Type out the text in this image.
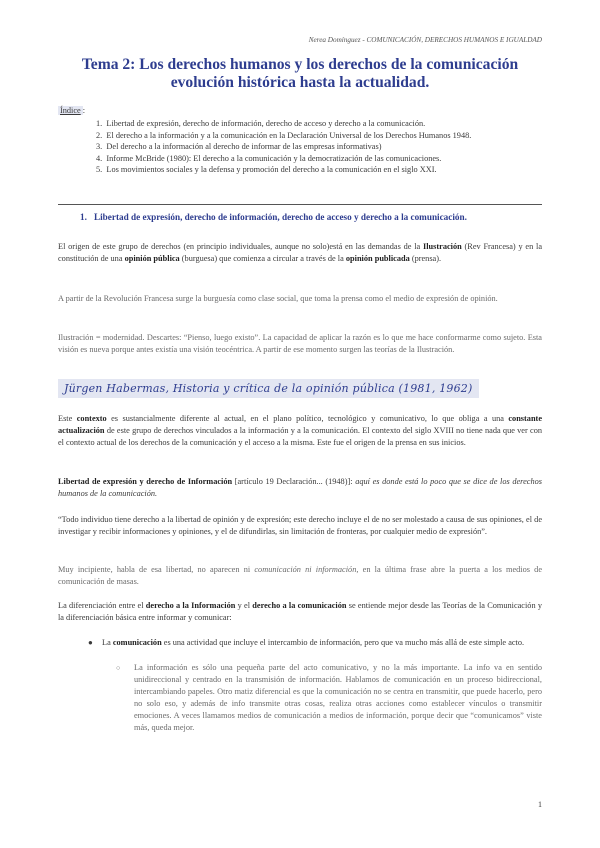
Nerea Domínguez - COMUNICACIÓN, DERECHOS HUMANOS E IGUALDAD
Tema 2: Los derechos humanos y los derechos de la comunicación evolución histórica hasta la actualidad.
Índice :
1. Libertad de expresión, derecho de información, derecho de acceso y derecho a la comunicación.
2. El derecho a la información y a la comunicación en la Declaración Universal de los Derechos Humanos 1948.
3. Del derecho a la información al derecho de informar de las empresas informativas)
4. Informe McBride (1980): El derecho a la comunicación y la democratización de las comunicaciones.
5. Los movimientos sociales y la defensa y promoción del derecho a la comunicación en el siglo XXI.
1. Libertad de expresión, derecho de información, derecho de acceso y derecho a la comunicación.

El origen de este grupo de derechos (en principio individuales, aunque no solo)está en las demandas de la Ilustración (Rev Francesa) y en la constitución de una opinión pública (burguesa) que comienza a circular a través de la opinión publicada (prensa).

A partir de la Revolución Francesa surge la burguesía como clase social, que toma la prensa como el medio de expresión de opinión.

Ilustración = modernidad. Descartes: “Pienso, luego existo”. La capacidad de aplicar la razón es lo que me hace conformarme como sujeto. Esta visión es nueva porque antes existía una visión teocéntrica. A partir de ese momento surgen las teorías de la Ilustración.

Jürgen Habermas, Historia y crítica de la opinión pública (1981, 1962)

Este contexto es sustancialmente diferente al actual, en el plano político, tecnológico y comunicativo, lo que obliga a una constante actualización de este grupo de derechos vinculados a la información y a la comunicación. El contexto del siglo XVIII no tiene nada que ver con el contexto actual de los derechos de la comunicación y el acceso a la misma. Este fue el origen de la prensa en sus inicios.

Libertad de expresión y derecho de Información [artículo 19 Declaración... (1948)]: aquí es donde está lo poco que se dice de los derechos humanos de la comunicación.

“Todo individuo tiene derecho a la libertad de opinión y de expresión; este derecho incluye el de no ser molestado a causa de sus opiniones, el de investigar y recibir informaciones y opiniones, y el de difundirlas, sin limitación de fronteras, por cualquier medio de expresión”.

Muy incipiente, habla de esa libertad, no aparecen ni comunicación ni información, en la última frase abre la puerta a los medios de comunicación de masas.

La diferenciación entre el derecho a la Información y el derecho a la comunicación se entiende mejor desde las Teorías de la Comunicación y la diferenciación básica entre informar y comunicar:

● La comunicación es una actividad que incluye el intercambio de información, pero que va mucho más allá de este simple acto.
○ La información es sólo una pequeña parte del acto comunicativo, y no la más importante. La info va en sentido unidireccional y centrado en la transmisión de información. Hablamos de comunicación en un proceso bidireccional, intercambiando papeles. Otro matiz diferencial es que la comunicación no se centra en transmitir, que puede hacerlo, pero no solo eso, y además de info transmite otras cosas, realiza otras acciones como establecer vínculos o transmitir emociones. A veces llamamos medios de comunicación a medios de información, porque decir que “comunicamos” viste más, queda mejor.
1
